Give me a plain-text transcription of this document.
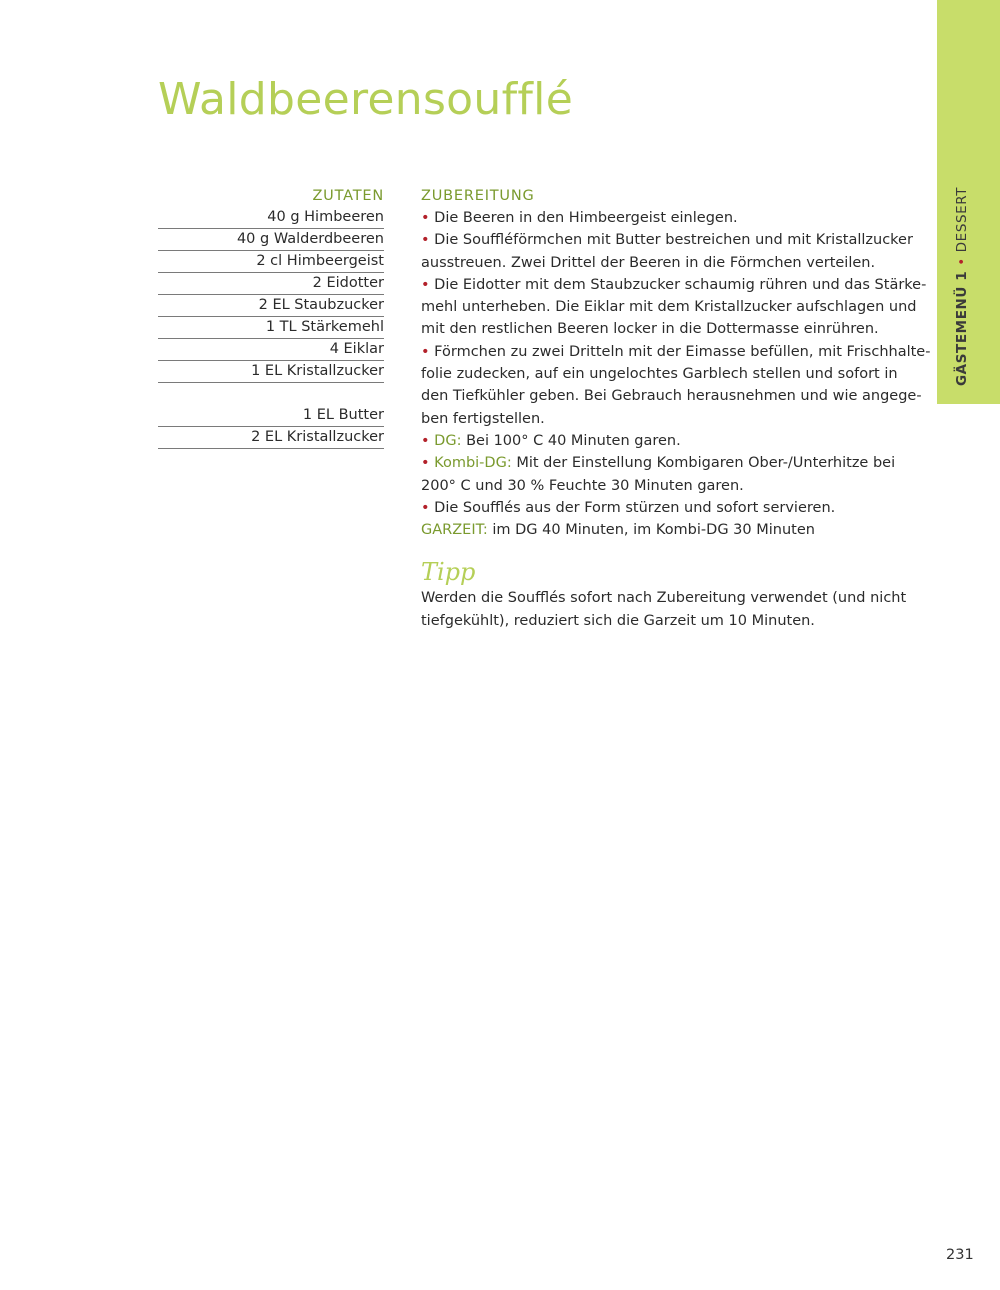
Waldbeerensoufflé
GÄSTEMENÜ 1 • DESSERT
ZUTATEN
40 g Himbeeren
40 g Walderdbeeren
2 cl Himbeergeist
2 Eidotter
2 EL Staubzucker
1 TL Stärkemehl
4 Eiklar
1 EL Kristallzucker
1 EL Butter
2 EL Kristallzucker
ZUBEREITUNG

• Die Beeren in den Himbeergeist einlegen.

• Die Souffléförmchen mit Butter bestreichen und mit Kristallzucker

ausstreuen. Zwei Drittel der Beeren in die Förmchen verteilen.

• Die Eidotter mit dem Staubzucker schaumig rühren und das Stärke-

mehl unterheben. Die Eiklar mit dem Kristallzucker aufschlagen und

mit den restlichen Beeren locker in die Dottermasse einrühren.

• Förmchen zu zwei Dritteln mit der Eimasse befüllen, mit Frischhalte-

folie zudecken, auf ein ungelochtes Garblech stellen und sofort in

den Tiefkühler geben. Bei Gebrauch herausnehmen und wie angege-

ben fertigstellen.

• DG: Bei 100° C 40 Minuten garen.

• Kombi-DG: Mit der Einstellung Kombigaren Ober-/Unterhitze bei

200° C und 30 % Feuchte 30 Minuten garen.

• Die Soufflés aus der Form stürzen und sofort servieren.

GARZEIT: im DG 40 Minuten, im Kombi-DG 30 Minuten

Tipp

Werden die Soufflés sofort nach Zubereitung verwendet (und nicht

tiefgekühlt), reduziert sich die Garzeit um 10 Minuten.

231
